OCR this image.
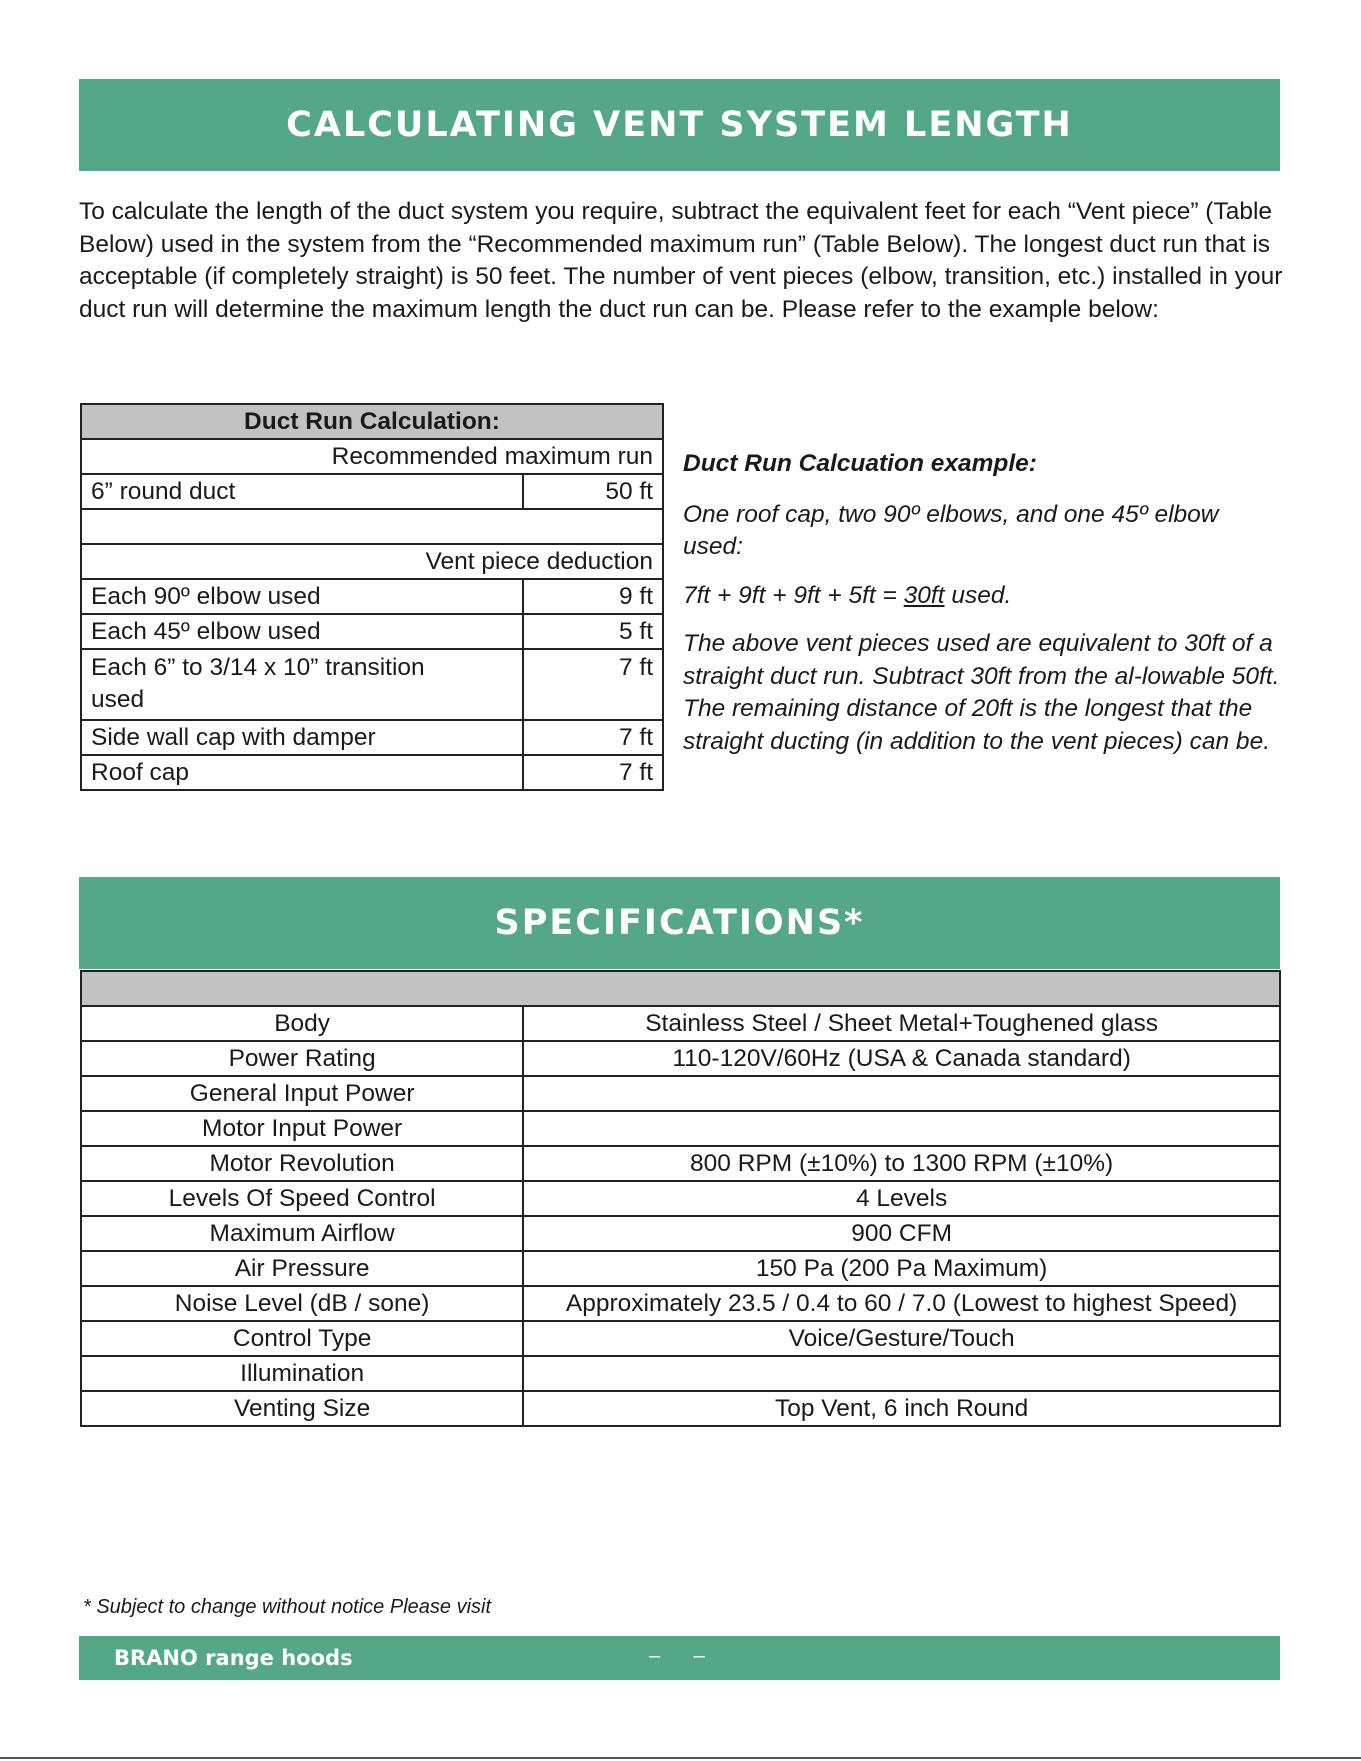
CALCULATING VENT SYSTEM LENGTH

To calculate the length of the duct system you require, subtract the equivalent feet for each “Vent piece” (Table Below) used in the system from the “Recommended maximum run” (Table Below). The longest duct run that is acceptable (if completely straight) is 50 feet. The number of vent pieces (elbow, transition, etc.) installed in your duct run will determine the maximum length the duct run can be. Please refer to the example below:

Duct Run Calculation:	
Recommended maximum run	
6” round duct	50 ft

Vent piece deduction	
Each 90º elbow used	9 ft
Each 45º elbow used	5 ft
Each 6” to 3/14 x 10” transition used	7 ft
Side wall cap with damper	7 ft
Roof cap	7 ft

Duct Run Calcuation example:

One roof cap, two 90º elbows, and one 45º elbow used:

7ft + 9ft + 9ft + 5ft = 30ft used.

The above vent pieces used are equivalent to 30ft of a straight duct run. Subtract 30ft from the al-lowable 50ft. The remaining distance of 20ft is the longest that the straight ducting (in addition to the vent pieces) can be.

SPECIFICATIONS*

Body	Stainless Steel / Sheet Metal+Toughened glass
Power Rating	110-120V/60Hz (USA & Canada standard)
General Input Power	
Motor Input Power	
Motor Revolution	800 RPM (±10%) to 1300 RPM (±10%)
Levels Of Speed Control	4 Levels
Maximum Airflow	900 CFM
Air Pressure	150 Pa (200 Pa Maximum)
Noise Level (dB / sone)	Approximately 23.5 / 0.4 to 60 / 7.0 (Lowest to highest Speed)
Control Type	Voice/Gesture/Touch
Illumination	
Venting Size	Top Vent, 6 inch Round
* Subject to change without notice Please visit
BRANO range hoods	– –
